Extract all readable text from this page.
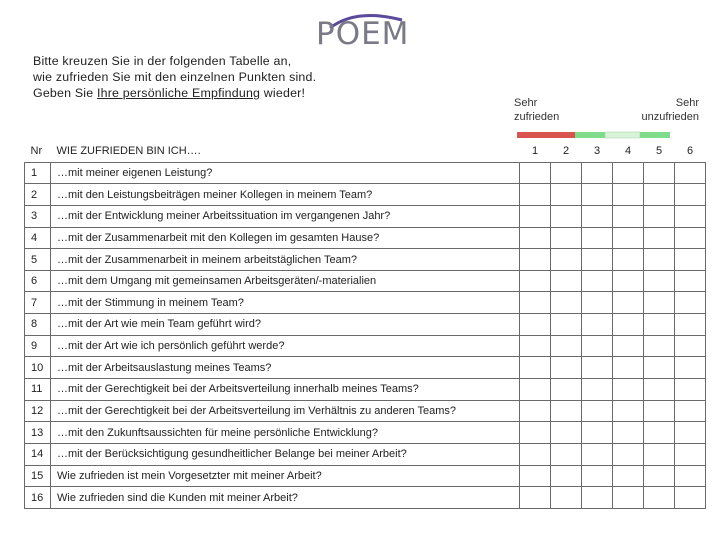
POEM
Bitte kreuzen Sie in der folgenden Tabelle an,
wie zufrieden Sie mit den einzelnen Punkten sind.
Geben Sie Ihre persönliche Empfindung wieder!
Sehr
zufrieden
Sehr
unzufrieden
Nr	WIE ZUFRIEDEN BIN ICH….	1	2	3	4	5	6
1	…mit meiner eigenen Leistung?						
2	…mit den Leistungsbeiträgen meiner Kollegen in meinem Team?						
3	…mit der Entwicklung meiner Arbeitssituation im vergangenen Jahr?						
4	…mit der Zusammenarbeit mit den Kollegen im gesamten Hause?						
5	…mit der Zusammenarbeit in meinem arbeitstäglichen Team?						
6	…mit dem Umgang mit gemeinsamen Arbeitsgeräten/-materialien						
7	…mit der Stimmung in meinem Team?						
8	…mit der Art wie mein Team geführt wird?						
9	…mit der Art wie ich persönlich geführt werde?						
10	…mit der Arbeitsauslastung meines Teams?						
11	…mit der Gerechtigkeit bei der Arbeitsverteilung innerhalb meines Teams?						
12	…mit der Gerechtigkeit bei der Arbeitsverteilung im Verhältnis zu anderen Teams?						
13	…mit den Zukunftsaussichten für meine persönliche Entwicklung?						
14	…mit der Berücksichtigung gesundheitlicher Belange bei meiner Arbeit?						
15	Wie zufrieden ist mein Vorgesetzter mit meiner Arbeit?						
16	Wie zufrieden sind die Kunden mit meiner Arbeit?						
